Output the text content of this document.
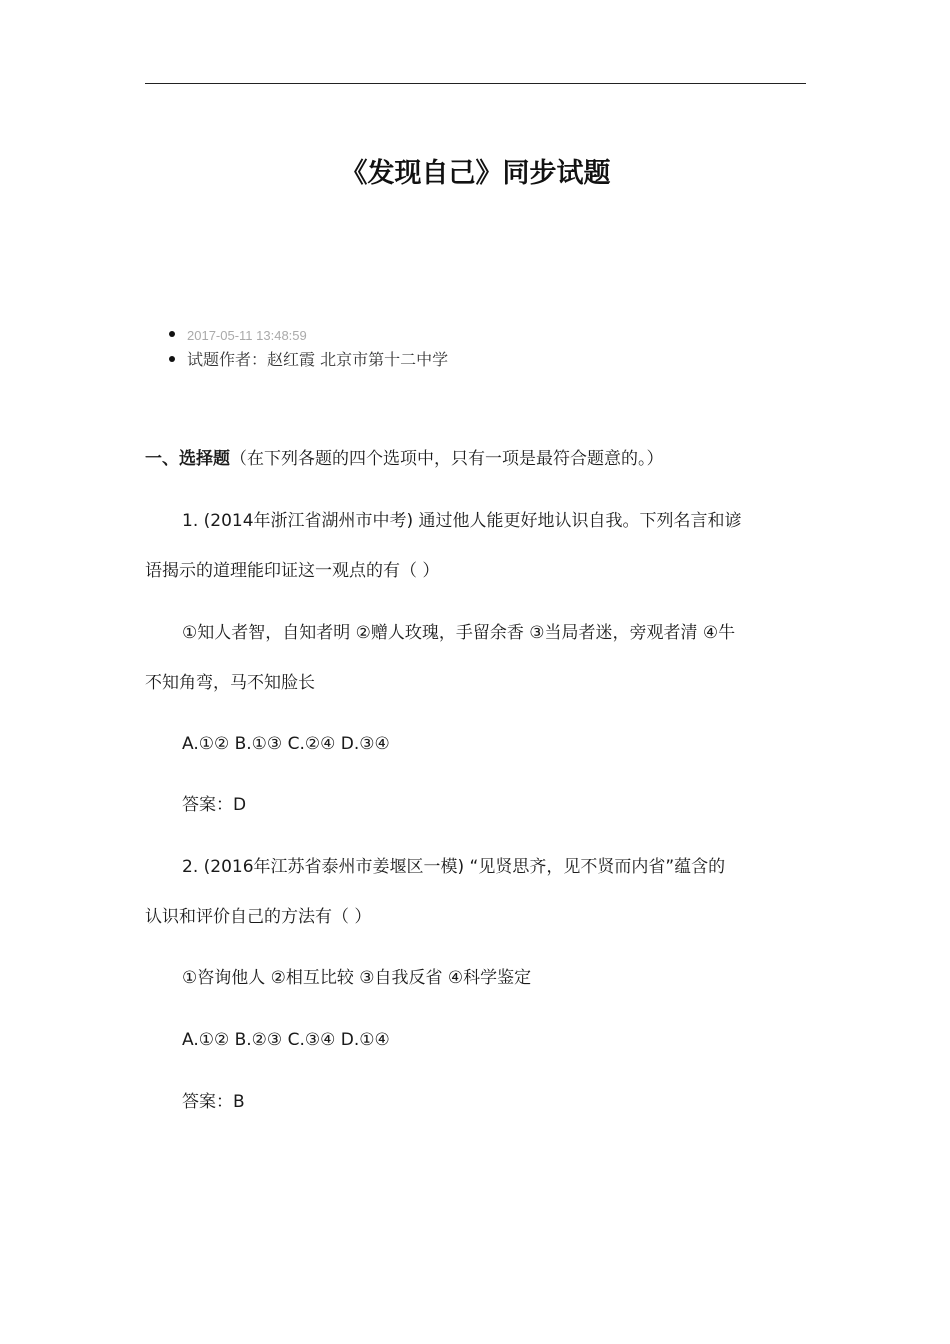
《发现自己》同步试题
2017-05-11 13:48:59
试题作者：赵红霞 北京市第十二中学
一、选择题（在下列各题的四个选项中，只有一项是最符合题意的。）
1. (2014年浙江省湖州市中考) 通过他人能更好地认识自我。下列名言和谚
语揭示的道理能印证这一观点的有（ ）
①知人者智，自知者明 ②赠人玫瑰，手留余香 ③当局者迷，旁观者清 ④牛
不知角弯，马不知脸长
A.①② B.①③ C.②④ D.③④
答案：D
2. (2016年江苏省泰州市姜堰区一模) “见贤思齐，见不贤而内省”蕴含的
认识和评价自己的方法有（ ）
①咨询他人 ②相互比较 ③自我反省 ④科学鉴定
A.①② B.②③ C.③④ D.①④
答案：B
